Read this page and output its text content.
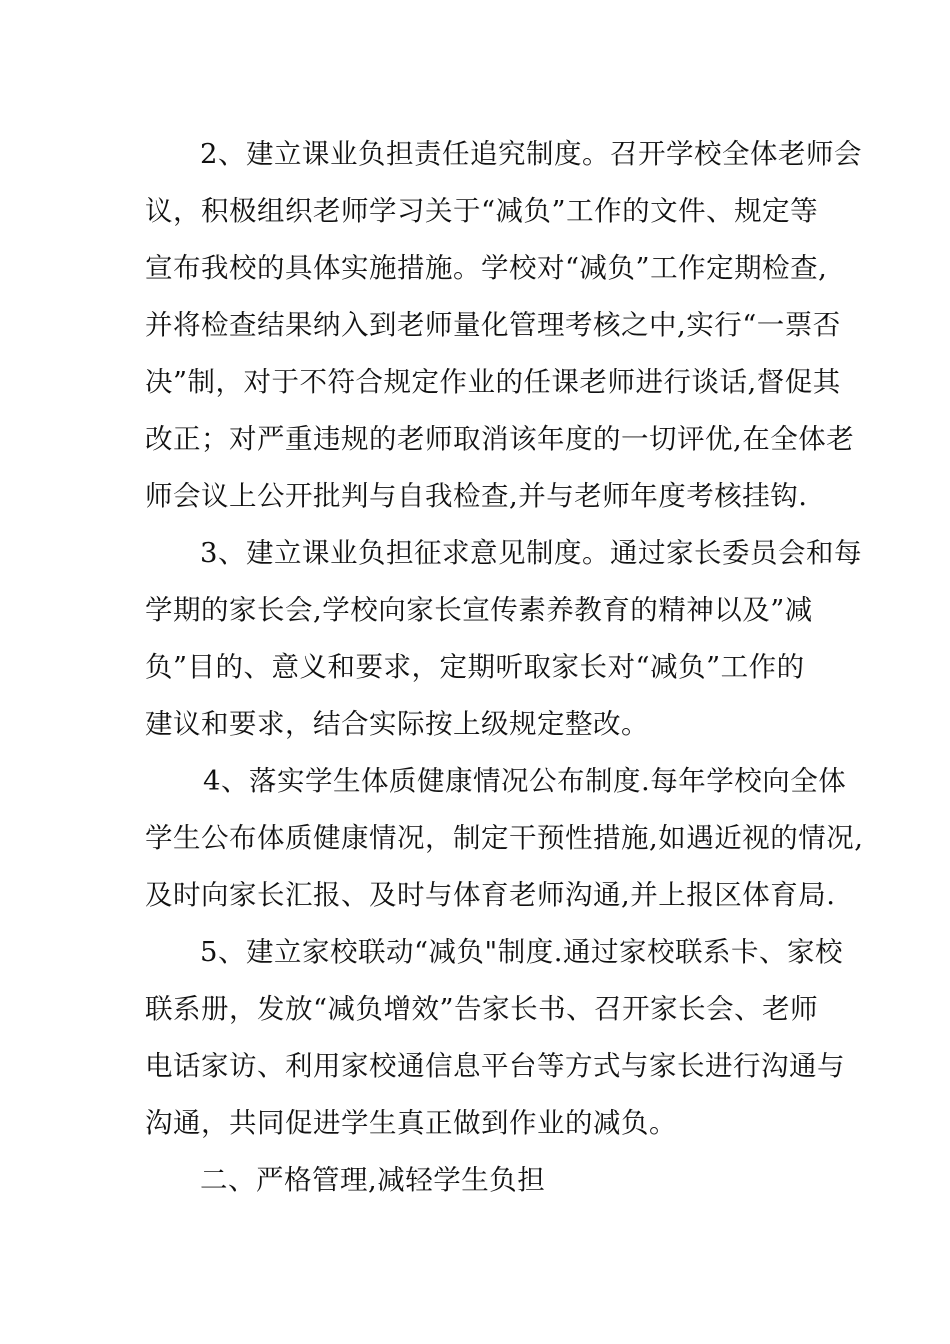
2、建立课业负担责任追究制度。召开学校全体老师会
议，积极组织老师学习关于“减负”工作的文件、规定等
宣布我校的具体实施措施。学校对“减负”工作定期检查,
并将检查结果纳入到老师量化管理考核之中,实行“一票否
决”制，对于不符合规定作业的任课老师进行谈话,督促其
改正；对严重违规的老师取消该年度的一切评优,在全体老
师会议上公开批判与自我检查,并与老师年度考核挂钩.

3、建立课业负担征求意见制度。通过家长委员会和每
学期的家长会,学校向家长宣传素养教育的精神以及”减
负”目的、意义和要求，定期听取家长对“减负”工作的
建议和要求，结合实际按上级规定整改。

4、落实学生体质健康情况公布制度.每年学校向全体
学生公布体质健康情况，制定干预性措施,如遇近视的情况,
及时向家长汇报、及时与体育老师沟通,并上报区体育局.

5、建立家校联动“减负"制度.通过家校联系卡、家校
联系册，发放“减负增效”告家长书、召开家长会、老师
电话家访、利用家校通信息平台等方式与家长进行沟通与
沟通，共同促进学生真正做到作业的减负。

二、严格管理,减轻学生负担
